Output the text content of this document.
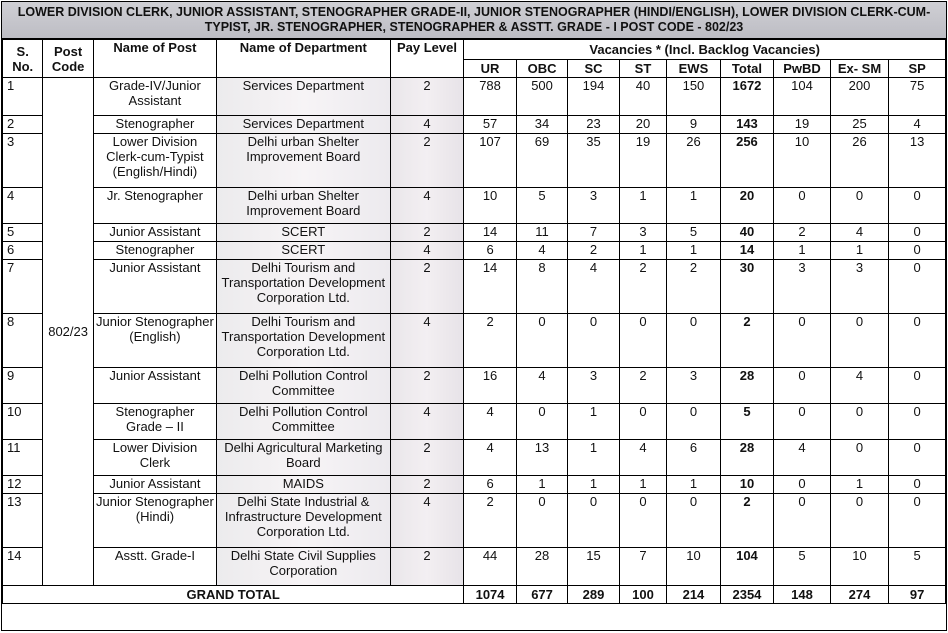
LOWER DIVISION CLERK, JUNIOR ASSISTANT, STENOGRAPHER GRADE-II, JUNIOR STENOGRAPHER (HINDI/ENGLISH), LOWER DIVISION CLERK-CUM-TYPIST, JR. STENOGRAPHER, STENOGRAPHER & ASSTT. GRADE - I POST CODE - 802/23
S. No.	Post Code	Name of Post	Name of Department	Pay Level	Vacancies * (Incl. Backlog Vacancies)								
					UR	OBC	SC	ST	EWS	Total	PwBD	Ex- SM	SP
1	802/23	Grade-IV/Junior Assistant	Services Department	2	788	500	194	40	150	1672	104	200	75
2		Stenographer	Services Department	4	57	34	23	20	9	143	19	25	4
3		Lower Division Clerk-cum-Typist (English/Hindi)	Delhi urban Shelter Improvement Board	2	107	69	35	19	26	256	10	26	13
4		Jr. Stenographer	Delhi urban Shelter Improvement Board	4	10	5	3	1	1	20	0	0	0
5		Junior Assistant	SCERT	2	14	11	7	3	5	40	2	4	0
6		Stenographer	SCERT	4	6	4	2	1	1	14	1	1	0
7		Junior Assistant	Delhi Tourism and Transportation Development Corporation Ltd.	2	14	8	4	2	2	30	3	3	0
8		Junior Stenographer (English)	Delhi Tourism and Transportation Development Corporation Ltd.	4	2	0	0	0	0	2	0	0	0
9		Junior Assistant	Delhi Pollution Control Committee	2	16	4	3	2	3	28	0	4	0
10		Stenographer Grade – II	Delhi Pollution Control Committee	4	4	0	1	0	0	5	0	0	0
11		Lower Division Clerk	Delhi Agricultural Marketing Board	2	4	13	1	4	6	28	4	0	0
12		Junior Assistant	MAIDS	2	6	1	1	1	1	10	0	1	0
13		Junior Stenographer (Hindi)	Delhi State Industrial & Infrastructure Development Corporation Ltd.	4	2	0	0	0	0	2	0	0	0
14		Asstt. Grade-I	Delhi State Civil Supplies Corporation	2	44	28	15	7	10	104	5	10	5
GRAND TOTAL					1074	677	289	100	214	2354	148	274	97
